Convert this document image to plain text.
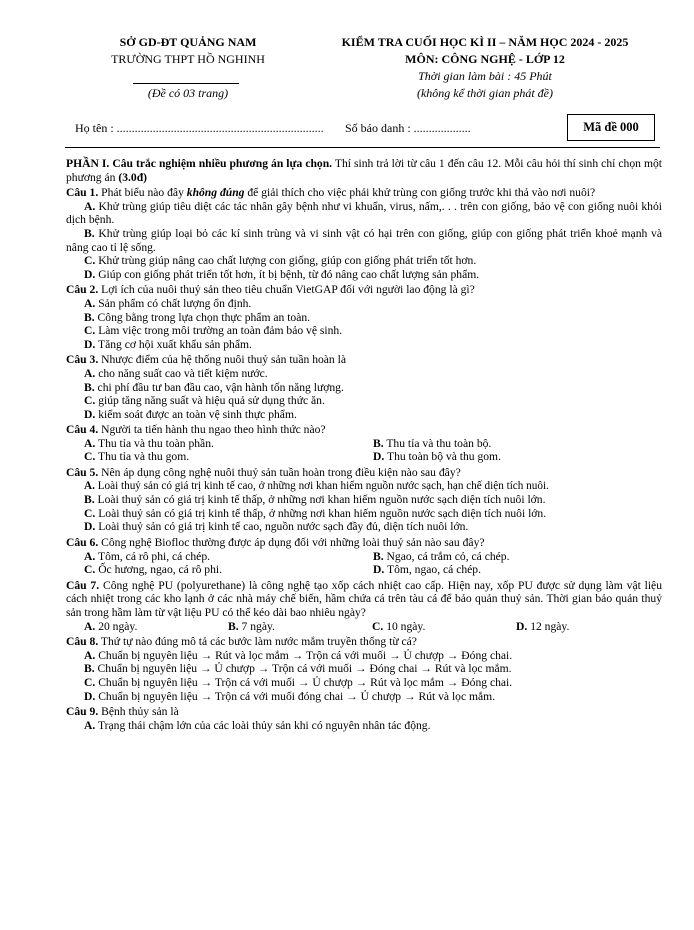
SỞ GD-ĐT QUẢNG NAM
TRƯỜNG THPT HỒ NGHINH

(Đề có 03 trang)
KIỂM TRA CUỐI HỌC KÌ II – NĂM HỌC 2024 - 2025
MÔN: CÔNG NGHỆ - LỚP 12
Thời gian làm bài : 45 Phút
(không kể thời gian phát đề)
Họ tên : ..................................................................... Số báo danh : ...................	Mã đề 000

PHẦN I. Câu trắc nghiệm nhiều phương án lựa chọn. Thí sinh trả lời từ câu 1 đến câu 12. Mỗi câu hỏi thí sinh chỉ chọn một phương án (3.0đ)

Câu 1. Phát biểu nào đây không đúng để giải thích cho việc phải khử trùng con giống trước khi thả vào nơi nuôi?

A. Khử trùng giúp tiêu diệt các tác nhân gây bệnh như vi khuẩn, virus, nấm,. . . trên con giống, bảo vệ con giống nuôi khỏi dịch bệnh.

B. Khử trùng giúp loại bỏ các kí sinh trùng và vi sinh vật có hại trên con giống, giúp con giống phát triển khoẻ mạnh và nâng cao tỉ lệ sống.

C. Khử trùng giúp nâng cao chất lượng con giống, giúp con giống phát triển tốt hơn.

D. Giúp con giống phát triển tốt hơn, ít bị bệnh, từ đó nâng cao chất lượng sản phẩm.

Câu 2. Lợi ích của nuôi thuỷ sản theo tiêu chuẩn VietGAP đối với người lao động là gì?

A. Sản phẩm có chất lượng ổn định.

B. Công bằng trong lựa chọn thực phẩm an toàn.

C. Làm việc trong môi trường an toàn đảm bảo vệ sinh.

D. Tăng cơ hội xuất khẩu sản phẩm.

Câu 3. Nhược điểm của hệ thống nuôi thuỷ sản tuần hoàn là

A. cho năng suất cao và tiết kiệm nước.

B. chi phí đầu tư ban đầu cao, vận hành tốn năng lượng.

C. giúp tăng năng suất và hiệu quả sử dụng thức ăn.

D. kiểm soát được an toàn vệ sinh thực phẩm.

Câu 4. Người ta tiến hành thu ngao theo hình thức nào?

A. Thu tỉa và thu toàn phần.	B. Thu tỉa và thu toàn bộ.
C. Thu tỉa và thu gom.	D. Thu toàn bộ và thu gom.

Câu 5. Nên áp dụng công nghệ nuôi thuỷ sản tuần hoàn trong điều kiện nào sau đây?

A. Loài thuỷ sản có giá trị kinh tế cao, ở những nơi khan hiếm nguồn nước sạch, hạn chế diện tích nuôi.

B. Loài thuỷ sản có giá trị kinh tế thấp, ở những nơi khan hiếm nguồn nước sạch diện tích nuôi lớn.

C. Loài thuỷ sản có giá trị kinh tế thấp, ở những nơi khan hiếm nguồn nước sạch diện tích nuôi lớn.

D. Loài thuỷ sản có giá trị kinh tế cao, nguồn nước sạch đầy đủ, diện tích nuôi lớn.

Câu 6. Công nghệ Biofloc thường được áp dụng đối với những loài thuỷ sản nào sau đây?

A. Tôm, cá rô phi, cá chép.	B. Ngao, cá trắm cỏ, cá chép.
C. Ốc hương, ngao, cá rô phi.	D. Tôm, ngao, cá chép.

Câu 7. Công nghệ PU (polyurethane) là công nghệ tạo xốp cách nhiệt cao cấp. Hiện nay, xốp PU được sử dụng làm vật liệu cách nhiệt trong các kho lạnh ở các nhà máy chế biến, hầm chứa cá trên tàu cá để bảo quản thuỷ sản. Thời gian bảo quản thuỷ sản trong hầm làm từ vật liệu PU có thể kéo dài bao nhiêu ngày?

A. 20 ngày.	B. 7 ngày.	C. 10 ngày.	D. 12 ngày.

Câu 8. Thứ tự nào đúng mô tả các bước làm nước mắm truyền thống từ cá?

A. Chuẩn bị nguyên liệu → Rút và lọc mắm → Trộn cá với muối → Ủ chượp → Đóng chai.

B. Chuẩn bị nguyên liệu → Ủ chượp → Trộn cá với muối → Đóng chai → Rút và lọc mắm.

C. Chuẩn bị nguyên liệu → Trộn cá với muối → Ủ chượp → Rút và lọc mắm → Đóng chai.

D. Chuẩn bị nguyên liệu → Trộn cá với muối đóng chai → Ủ chượp → Rút và lọc mắm.

Câu 9. Bệnh thủy sản là

A. Trạng thái chậm lớn của các loài thủy sản khi có nguyên nhân tác động.
